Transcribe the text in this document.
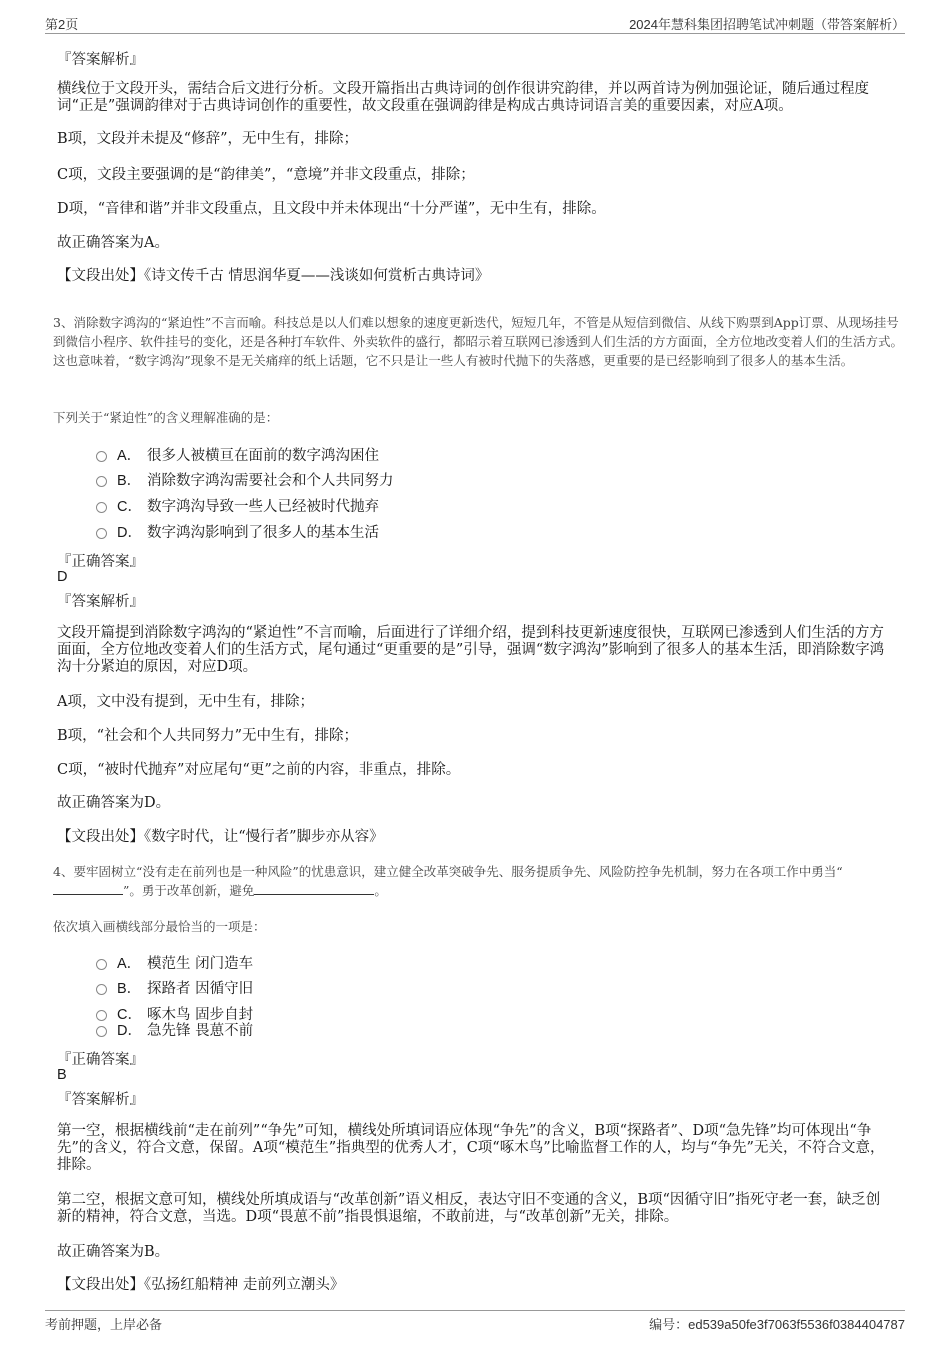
第2页	2024年慧科集团招聘笔试冲刺题（带答案解析）
『答案解析』
横线位于文段开头，需结合后文进行分析。文段开篇指出古典诗词的创作很讲究韵律，并以两首诗为例加强论证，随后通过程度词“正是”强调韵律对于古典诗词创作的重要性，故文段重在强调韵律是构成古典诗词语言美的重要因素，对应A项。
B项，文段并未提及“修辞”，无中生有，排除；
C项，文段主要强调的是“韵律美”，“意境”并非文段重点，排除；
D项，“音律和谐”并非文段重点，且文段中并未体现出“十分严谨”，无中生有，排除。
故正确答案为A。
【文段出处】《诗文传千古 情思润华夏——浅谈如何赏析古典诗词》
3、消除数字鸿沟的“紧迫性”不言而喻。科技总是以人们难以想象的速度更新迭代，短短几年，不管是从短信到微信、从线下购票到App订票、从现场挂号到微信小程序、软件挂号的变化，还是各种打车软件、外卖软件的盛行，都昭示着互联网已渗透到人们生活的方方面面，全方位地改变着人们的生活方式。这也意味着，“数字鸿沟”现象不是无关痛痒的纸上话题，它不只是让一些人有被时代抛下的失落感，更重要的是已经影响到了很多人的基本生活。
下列关于“紧迫性”的含义理解准确的是：
A． 很多人被横亘在面前的数字鸿沟困住
B． 消除数字鸿沟需要社会和个人共同努力
C． 数字鸿沟导致一些人已经被时代抛弃
D． 数字鸿沟影响到了很多人的基本生活
『正确答案』
D
『答案解析』
文段开篇提到消除数字鸿沟的“紧迫性”不言而喻，后面进行了详细介绍，提到科技更新速度很快，互联网已渗透到人们生活的方方面面，全方位地改变着人们的生活方式，尾句通过“更重要的是”引导，强调“数字鸿沟”影响到了很多人的基本生活，即消除数字鸿沟十分紧迫的原因，对应D项。
A项，文中没有提到，无中生有，排除；
B项，“社会和个人共同努力”无中生有，排除；
C项，“被时代抛弃”对应尾句“更”之前的内容，非重点，排除。
故正确答案为D。
【文段出处】《数字时代，让“慢行者”脚步亦从容》
4、要牢固树立“没有走在前列也是一种风险”的忧患意识，建立健全改革突破争先、服务提质争先、风险防控争先机制，努力在各项工作中勇当“”。勇于改革创新，避免	。
依次填入画横线部分最恰当的一项是：
A． 模范生 闭门造车
B． 探路者 因循守旧
C． 啄木鸟 固步自封
D． 急先锋 畏葸不前
『正确答案』
B
『答案解析』
第一空，根据横线前“走在前列”“争先”可知，横线处所填词语应体现“争先”的含义，B项“探路者”、D项“急先锋”均可体现出“争先”的含义，符合文意，保留。A项“模范生”指典型的优秀人才，C项“啄木鸟”比喻监督工作的人，均与“争先”无关，不符合文意，排除。
第二空，根据文意可知，横线处所填成语与“改革创新”语义相反，表达守旧不变通的含义，B项“因循守旧”指死守老一套，缺乏创新的精神，符合文意，当选。D项“畏葸不前”指畏惧退缩，不敢前进，与“改革创新”无关，排除。
故正确答案为B。
【文段出处】《弘扬红船精神 走前列立潮头》
考前押题，上岸必备	编号：ed539a50fe3f7063f5536f0384404787
